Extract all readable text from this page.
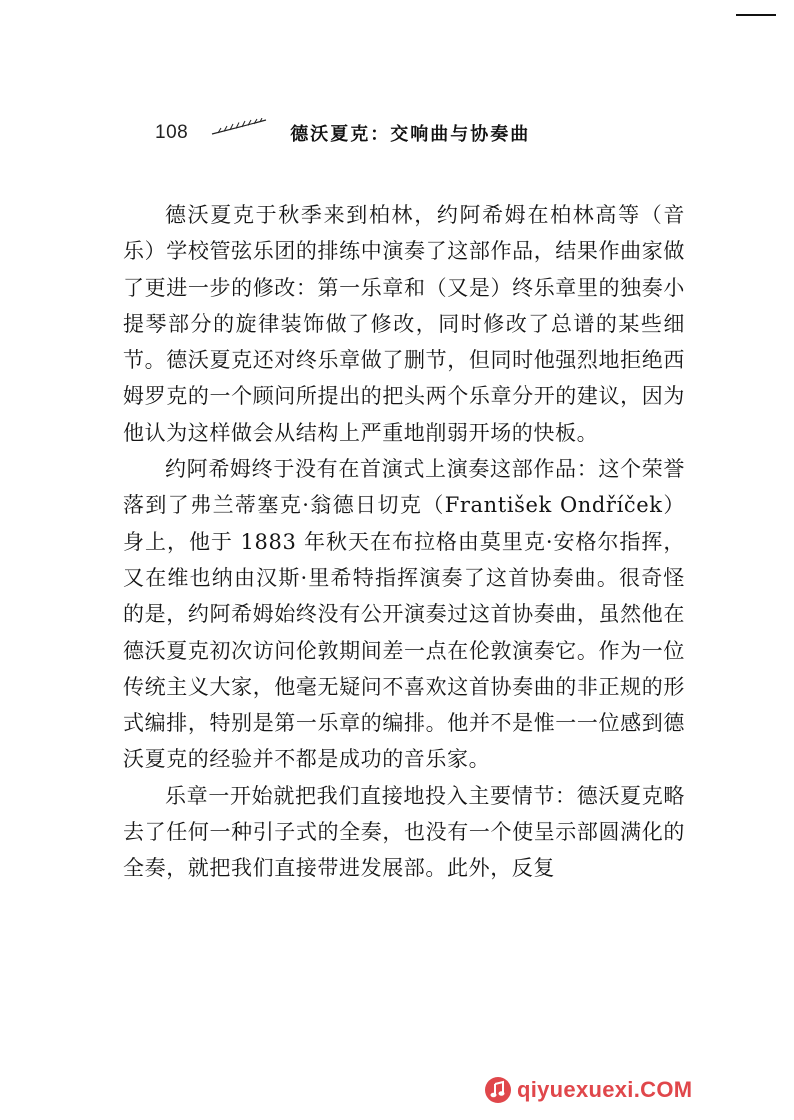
108	德沃夏克：交响曲与协奏曲

德沃夏克于秋季来到柏林，约阿希姆在柏林高等（音乐）学校管弦乐团的排练中演奏了这部作品，结果作曲家做了更进一步的修改：第一乐章和（又是）终乐章里的独奏小提琴部分的旋律装饰做了修改，同时修改了总谱的某些细节。德沃夏克还对终乐章做了删节，但同时他强烈地拒绝西姆罗克的一个顾问所提出的把头两个乐章分开的建议，因为他认为这样做会从结构上严重地削弱开场的快板。

约阿希姆终于没有在首演式上演奏这部作品：这个荣誉落到了弗兰蒂塞克·翁德日切克（František Ondříček）身上，他于 1883 年秋天在布拉格由莫里克·安格尔指挥，又在维也纳由汉斯·里希特指挥演奏了这首协奏曲。很奇怪的是，约阿希姆始终没有公开演奏过这首协奏曲，虽然他在德沃夏克初次访问伦敦期间差一点在伦敦演奏它。作为一位传统主义大家，他毫无疑问不喜欢这首协奏曲的非正规的形式编排，特别是第一乐章的编排。他并不是惟一一位感到德沃夏克的经验并不都是成功的音乐家。

乐章一开始就把我们直接地投入主要情节：德沃夏克略去了任何一种引子式的全奏，也没有一个使呈示部圆满化的全奏，就把我们直接带进发展部。此外，反复

qiyuexuexi.COM
